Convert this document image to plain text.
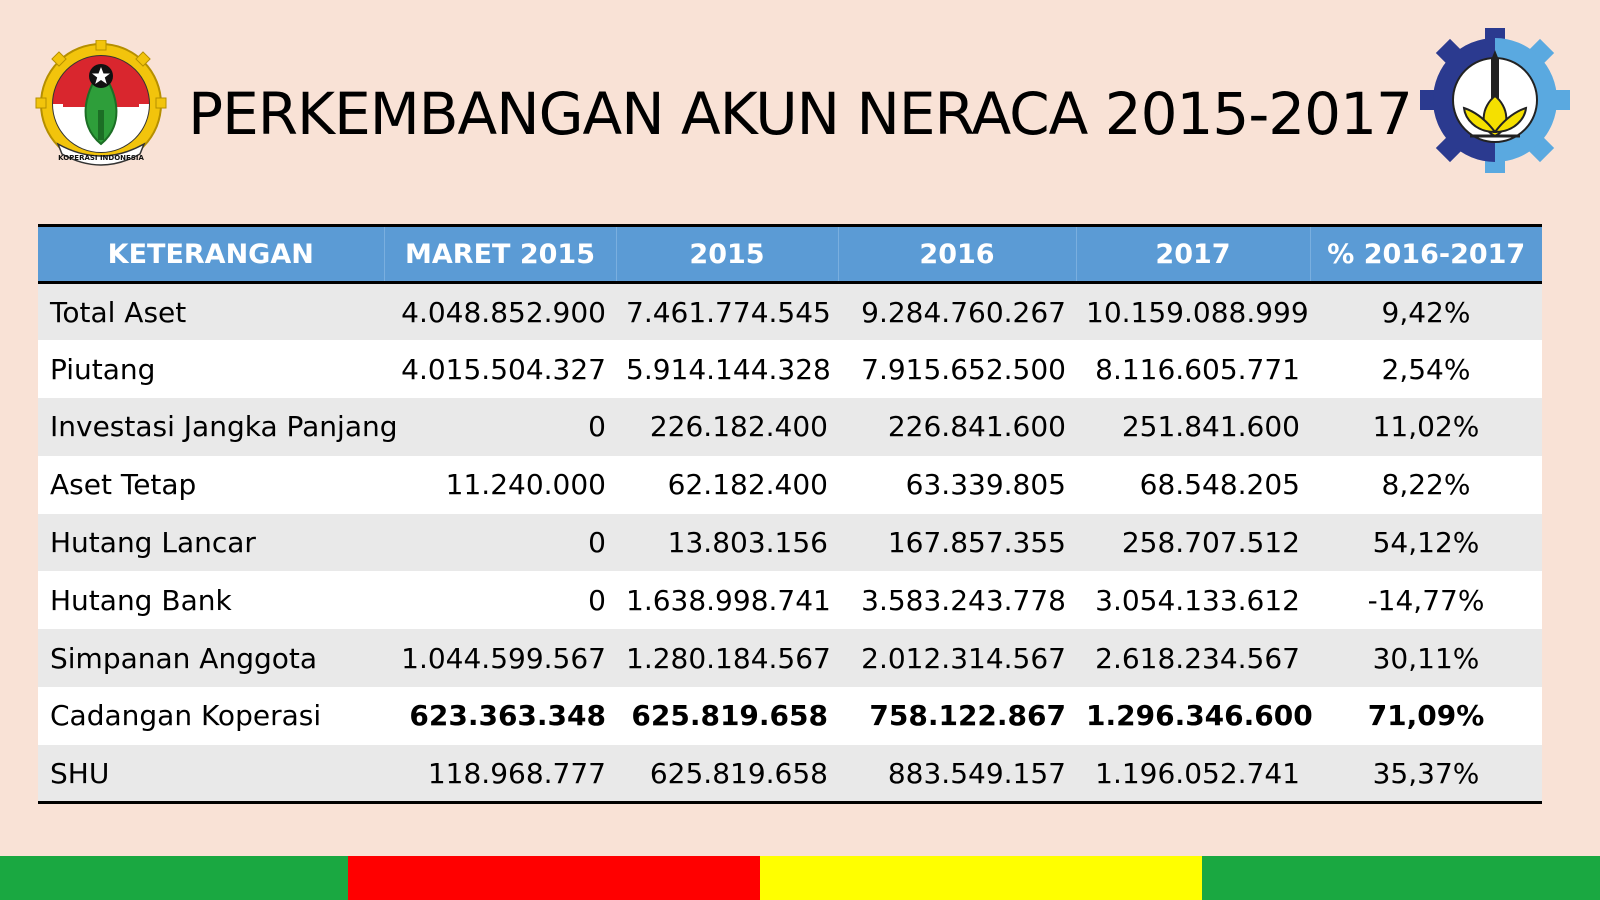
KOPERASI INDONESIA
PERKEMBANGAN AKUN NERACA 2015-2017
KETERANGAN	MARET 2015	2015	2016	2017	% 2016-2017
Total Aset	4.048.852.900	7.461.774.545	9.284.760.267	10.159.088.999	9,42%
Piutang	4.015.504.327	5.914.144.328	7.915.652.500	8.116.605.771	2,54%
Investasi Jangka Panjang	0	226.182.400	226.841.600	251.841.600	11,02%
Aset Tetap	11.240.000	62.182.400	63.339.805	68.548.205	8,22%
Hutang Lancar	0	13.803.156	167.857.355	258.707.512	54,12%
Hutang Bank	0	1.638.998.741	3.583.243.778	3.054.133.612	-14,77%
Simpanan Anggota	1.044.599.567	1.280.184.567	2.012.314.567	2.618.234.567	30,11%
Cadangan Koperasi	623.363.348	625.819.658	758.122.867	1.296.346.600	71,09%
SHU	118.968.777	625.819.658	883.549.157	1.196.052.741	35,37%
